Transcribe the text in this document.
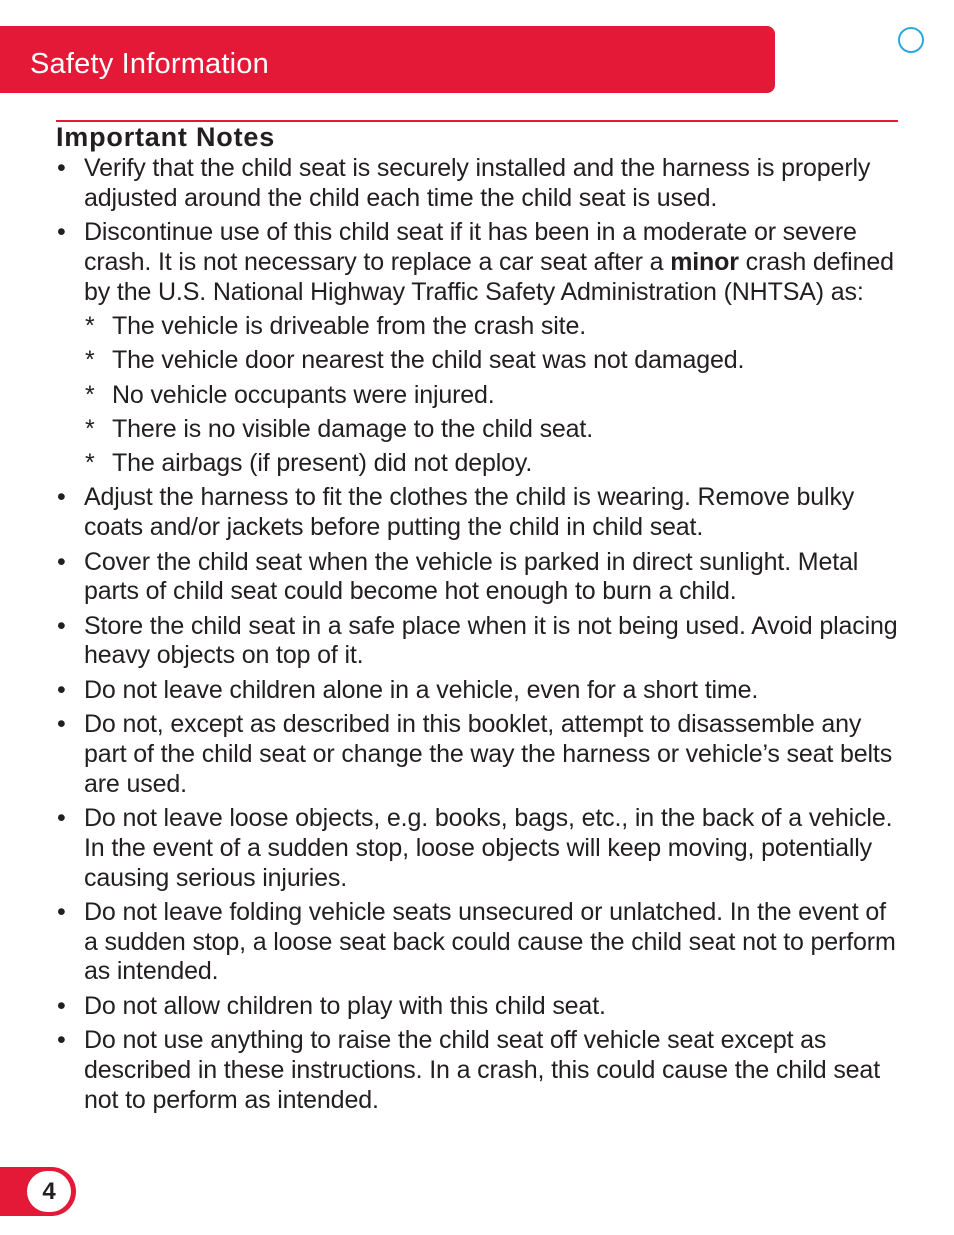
Safety Information
Important Notes
• Verify that the child seat is securely installed and the harness is properly adjusted around the child each time the child seat is used.
• Discontinue use of this child seat if it has been in a moderate or severe crash. It is not necessary to replace a car seat after a minor crash defined by the U.S. National Highway Traffic Safety Administration (NHTSA) as:
* The vehicle is driveable from the crash site.
* The vehicle door nearest the child seat was not damaged.
* No vehicle occupants were injured.
* There is no visible damage to the child seat.
* The airbags (if present) did not deploy.
• Adjust the harness to fit the clothes the child is wearing. Remove bulky coats and/or jackets before putting the child in child seat.
• Cover the child seat when the vehicle is parked in direct sunlight. Metal parts of child seat could become hot enough to burn a child.
• Store the child seat in a safe place when it is not being used. Avoid placing heavy objects on top of it.
• Do not leave children alone in a vehicle, even for a short time.
• Do not, except as described in this booklet, attempt to disassemble any part of the child seat or change the way the harness or vehicle’s seat belts are used.
• Do not leave loose objects, e.g. books, bags, etc., in the back of a vehicle. In the event of a sudden stop, loose objects will keep moving, potentially causing serious injuries.
• Do not leave folding vehicle seats unsecured or unlatched. In the event of a sudden stop, a loose seat back could cause the child seat not to perform as intended.
• Do not allow children to play with this child seat.
• Do not use anything to raise the child seat off vehicle seat except as described in these instructions. In a crash, this could cause the child seat not to perform as intended.
4
